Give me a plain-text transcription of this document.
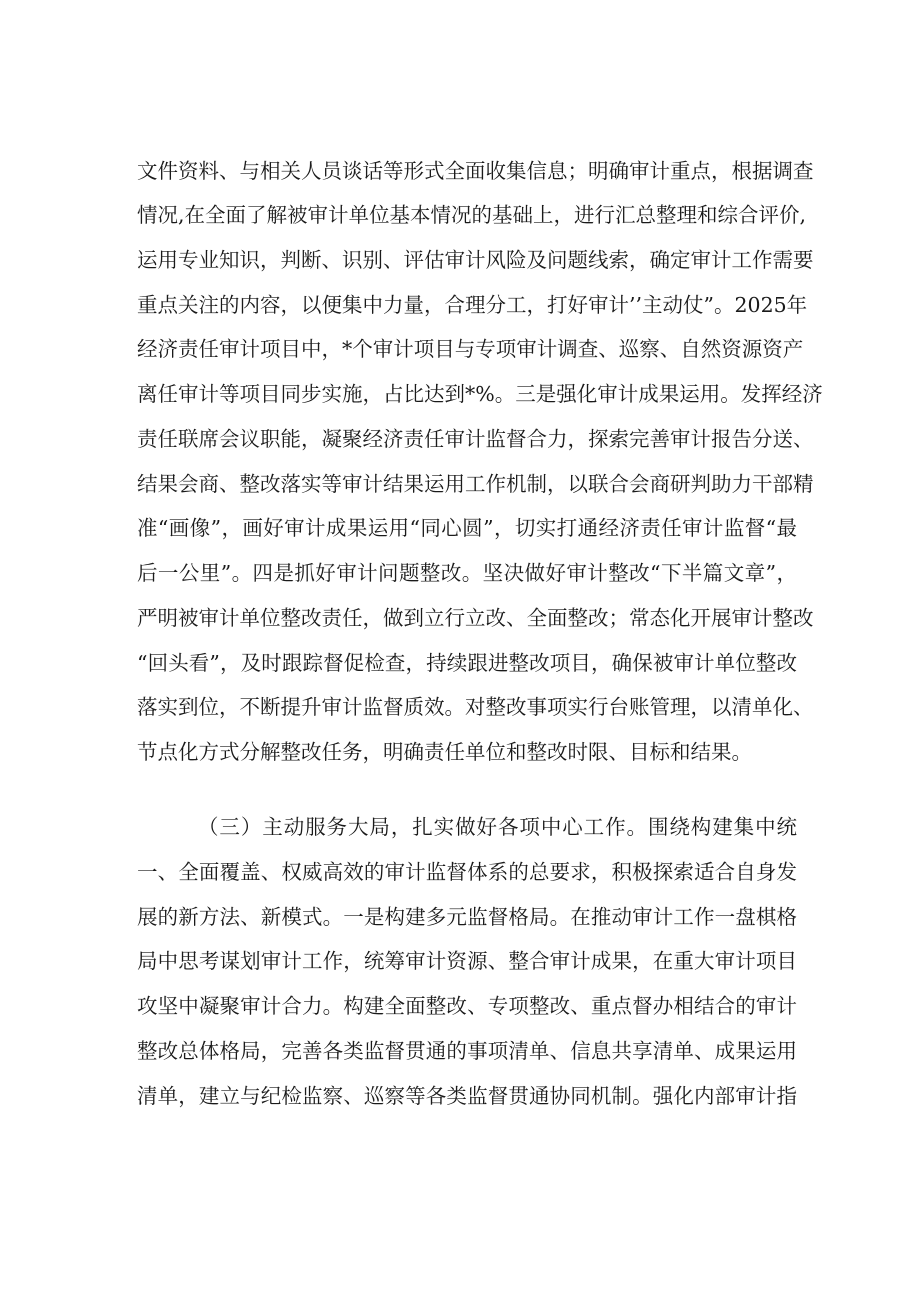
文件资料、与相关人员谈话等形式全面收集信息；明确审计重点，根据调查
情况,在全面了解被审计单位基本情况的基础上，进行汇总整理和综合评价,
运用专业知识，判断、识别、评估审计风险及问题线索，确定审计工作需要
重点关注的内容，以便集中力量，合理分工，打好审计’’主动仗”。2025年
经济责任审计项目中，*个审计项目与专项审计调查、巡察、自然资源资产
离任审计等项目同步实施，占比达到*%。三是强化审计成果运用。发挥经济
责任联席会议职能，凝聚经济责任审计监督合力，探索完善审计报告分送、
结果会商、整改落实等审计结果运用工作机制，以联合会商研判助力干部精
准“画像”，画好审计成果运用“同心圆”，切实打通经济责任审计监督“最
后一公里”。四是抓好审计问题整改。坚决做好审计整改“下半篇文章”，
严明被审计单位整改责任，做到立行立改、全面整改；常态化开展审计整改
“回头看”，及时跟踪督促检查，持续跟进整改项目，确保被审计单位整改
落实到位，不断提升审计监督质效。对整改事项实行台账管理，以清单化、
节点化方式分解整改任务，明确责任单位和整改时限、目标和结果。
（三）主动服务大局，扎实做好各项中心工作。围绕构建集中统
一、全面覆盖、权威高效的审计监督体系的总要求，积极探索适合自身发
展的新方法、新模式。一是构建多元监督格局。在推动审计工作一盘棋格
局中思考谋划审计工作，统筹审计资源、整合审计成果，在重大审计项目
攻坚中凝聚审计合力。构建全面整改、专项整改、重点督办相结合的审计
整改总体格局，完善各类监督贯通的事项清单、信息共享清单、成果运用
清单，建立与纪检监察、巡察等各类监督贯通协同机制。强化内部审计指
